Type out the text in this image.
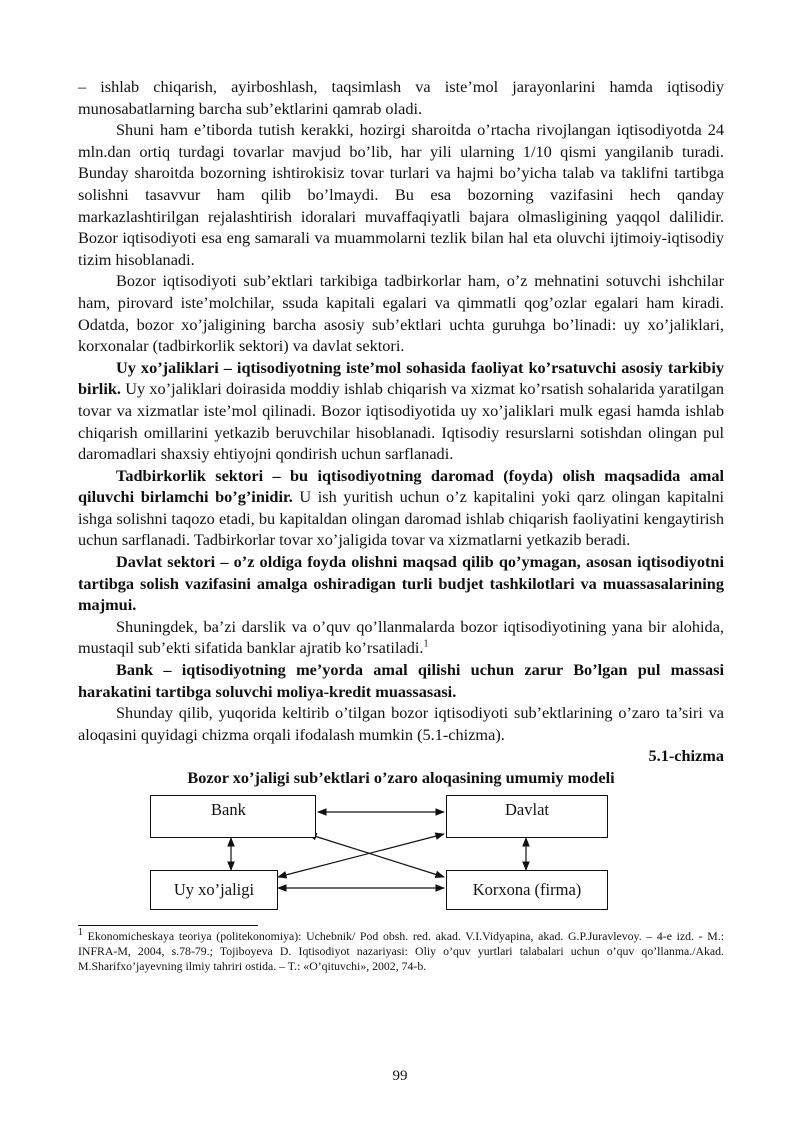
– ishlab chiqarish, ayirboshlash, taqsimlash va iste’mol jarayonlarini hamda iqtisodiy munosabatlarning barcha sub’ektlarini qamrab oladi.

Shuni ham e’tiborda tutish kerakki, hozirgi sharoitda o’rtacha rivojlangan iqtisodiyotda 24 mln.dan ortiq turdagi tovarlar mavjud bo’lib, har yili ularning 1/10 qismi yangilanib turadi. Bunday sharoitda bozorning ishtirokisiz tovar turlari va hajmi bo’yicha talab va taklifni tartibga solishni tasavvur ham qilib bo’lmaydi. Bu esa bozorning vazifasini hech qanday markazlashtirilgan rejalashtirish idoralari muvaffaqiyatli bajara olmasligining yaqqol dalilidir. Bozor iqtisodiyoti esa eng samarali va muammolarni tezlik bilan hal eta oluvchi ijtimoiy-iqtisodiy tizim hisoblanadi.

Bozor iqtisodiyoti sub’ektlari tarkibiga tadbirkorlar ham, o’z mehnatini sotuvchi ishchilar ham, pirovard iste’molchilar, ssuda kapitali egalari va qimmatli qog’ozlar egalari ham kiradi. Odatda, bozor xo’jaligining barcha asosiy sub’ektlari uchta guruhga bo’linadi: uy xo’jaliklari, korxonalar (tadbirkorlik sektori) va davlat sektori.

Uy xo’jaliklari – iqtisodiyotning iste’mol sohasida faoliyat ko’rsatuvchi asosiy tarkibiy birlik. Uy xo’jaliklari doirasida moddiy ishlab chiqarish va xizmat ko’rsatish sohalarida yaratilgan tovar va xizmatlar iste’mol qilinadi. Bozor iqtisodiyotida uy xo’jaliklari mulk egasi hamda ishlab chiqarish omillarini yetkazib beruvchilar hisoblanadi. Iqtisodiy resurslarni sotishdan olingan pul daromadlari shaxsiy ehtiyojni qondirish uchun sarflanadi.

Tadbirkorlik sektori – bu iqtisodiyotning daromad (foyda) olish maqsadida amal qiluvchi birlamchi bo’g’inidir. U ish yuritish uchun o’z kapitalini yoki qarz olingan kapitalni ishga solishni taqozo etadi, bu kapitaldan olingan daromad ishlab chiqarish faoliyatini kengaytirish uchun sarflanadi. Tadbirkorlar tovar xo’jaligida tovar va xizmatlarni yetkazib beradi.

Davlat sektori – o’z oldiga foyda olishni maqsad qilib qo’ymagan, asosan iqtisodiyotni tartibga solish vazifasini amalga oshiradigan turli budjet tashkilotlari va muassasalarining majmui.

Shuningdek, ba’zi darslik va o’quv qo’llanmalarda bozor iqtisodiyotining yana bir alohida, mustaqil sub’ekti sifatida banklar ajratib ko’rsatiladi.$^1$

Bank – iqtisodiyotning me’yorda amal qilishi uchun zarur Bo’lgan pul massasi harakatini tartibga soluvchi moliya-kredit muassasasi.

Shunday qilib, yuqorida keltirib o’tilgan bozor iqtisodiyoti sub’ektlarining o’zaro ta’siri va aloqasini quyidagi chizma orqali ifodalash mumkin (5.1-chizma).

5.1-chizma

Bozor xo’jaligi sub’ektlari o’zaro aloqasining umumiy modeli

Bank	Davlat
Uy xo’jaligi	Korxona (firma)

$^1$ Ekonomicheskaya teoriya (politekonomiya): Uchebnik/ Pod obsh. red. akad. V.I.Vidyapina, akad. G.P.Juravlevoy. – 4-e izd. - M.: INFRA-M, 2004, s.78-79.; Tojiboyeva D. Iqtisodiyot nazariyasi: Oliy o’quv yurtlari talabalari uchun o’quv qo’llanma./Akad. M.Sharifxo’jayevning ilmiy tahriri ostida. – T.: «O’qituvchi», 2002, 74-b.

99
